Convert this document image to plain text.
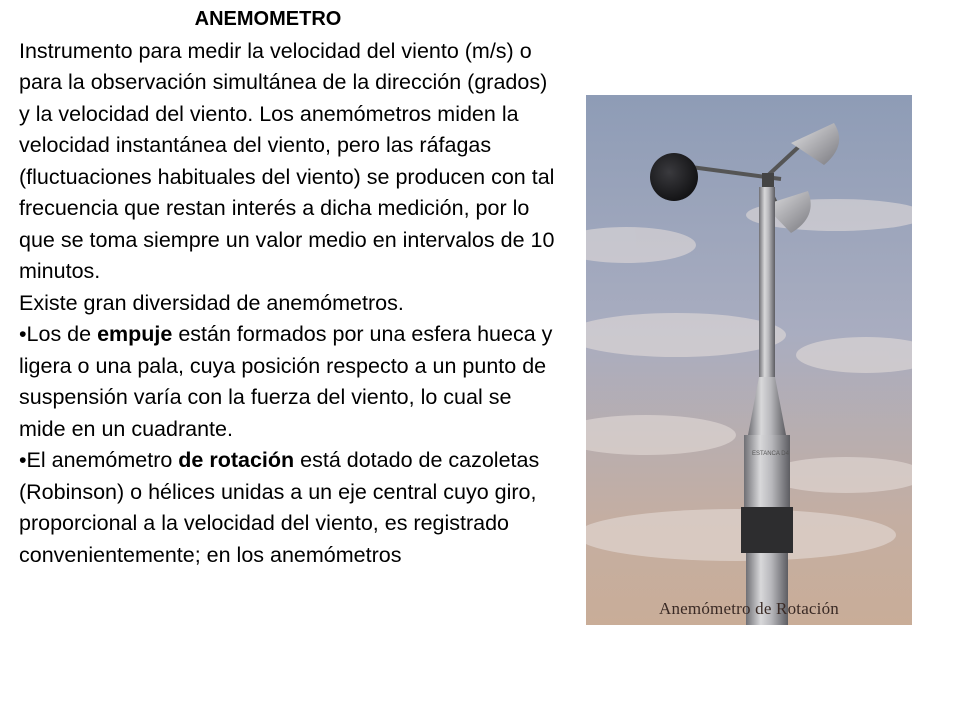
ANEMOMETRO

Instrumento para medir la velocidad del viento (m/s) o para la observación simultánea de la dirección (grados) y la velocidad del viento. Los anemómetros miden la velocidad instantánea del viento, pero las ráfagas (fluctuaciones habituales del viento) se producen con tal frecuencia que restan interés a dicha medición, por lo que se toma siempre un valor medio en intervalos de 10 minutos.

Existe gran diversidad de anemómetros.

•Los de empuje están formados por una esfera hueca y ligera o una pala, cuya posición respecto a un punto de suspensión varía con la fuerza del viento, lo cual se mide en un cuadrante.

•El anemómetro de rotación está dotado de cazoletas (Robinson) o hélices unidas a un eje central cuyo giro, proporcional a la velocidad del viento, es registrado convenientemente; en los anemómetros

ESTANCA D4
Anemómetro de Rotación
